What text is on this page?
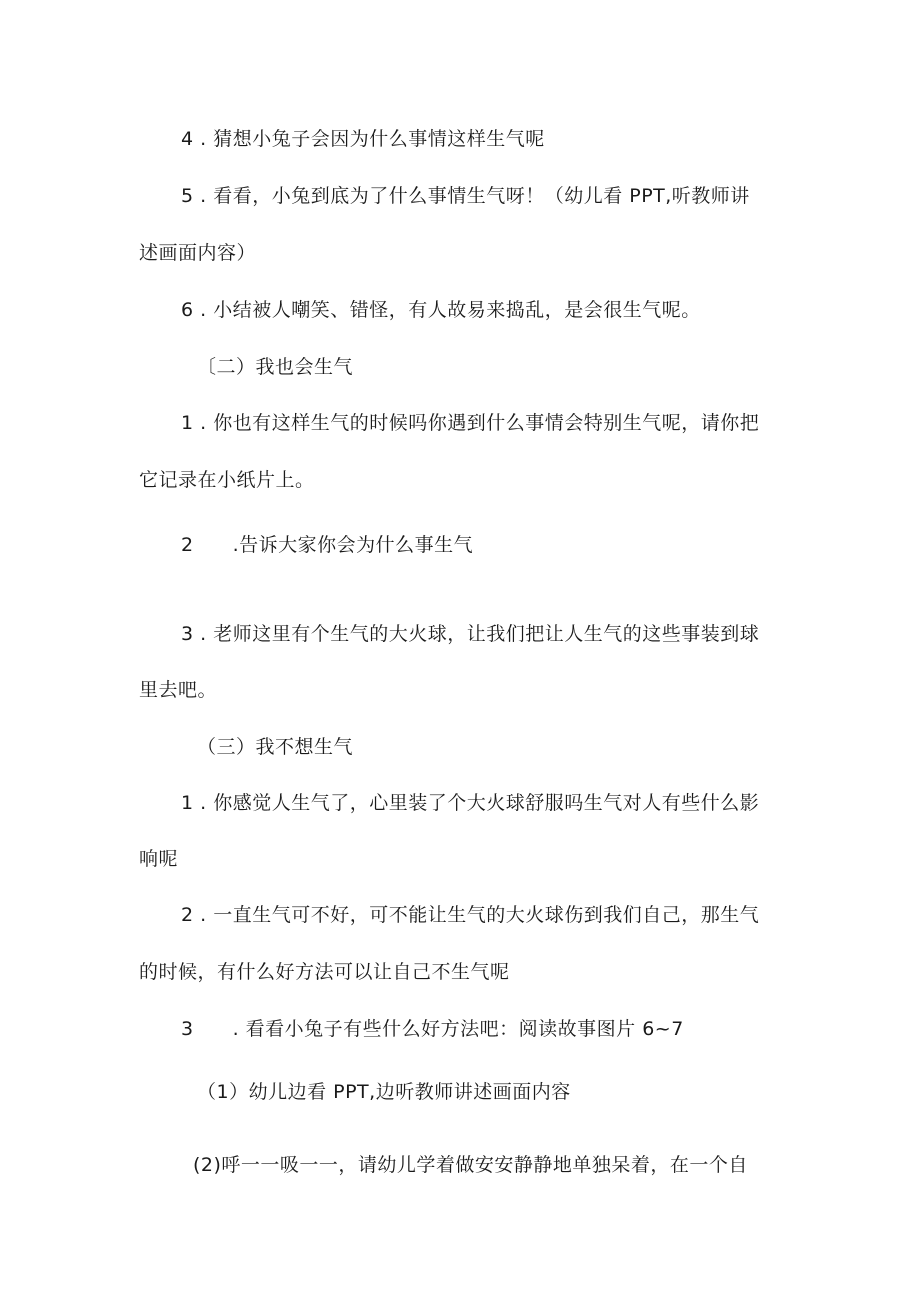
4 . 猜想小兔子会因为什么事情这样生气呢
5 . 看看，小兔到底为了什么事情生气呀！（幼儿看 PPT,听教师讲
述画面内容）
6 . 小结被人嘲笑、错怪，有人故易来捣乱，是会很生气呢。
〔二）我也会生气
1 . 你也有这样生气的时候吗你遇到什么事情会特别生气呢，请你把
它记录在小纸片上。
2　　.告诉大家你会为什么事生气
3 . 老师这里有个生气的大火球，让我们把让人生气的这些事装到球
里去吧。
（三）我不想生气
1 . 你感觉人生气了，心里装了个大火球舒服吗生气对人有些什么影
响呢
2 . 一直生气可不好，可不能让生气的大火球伤到我们自己，那生气
的时候，有什么好方法可以让自己不生气呢
3　　. 看看小兔子有些什么好方法吧：阅读故事图片 6~7
（1）幼儿边看 PPT,边听教师讲述画面内容
(2)呼一一吸一一，请幼儿学着做安安静静地单独呆着，在一个自
